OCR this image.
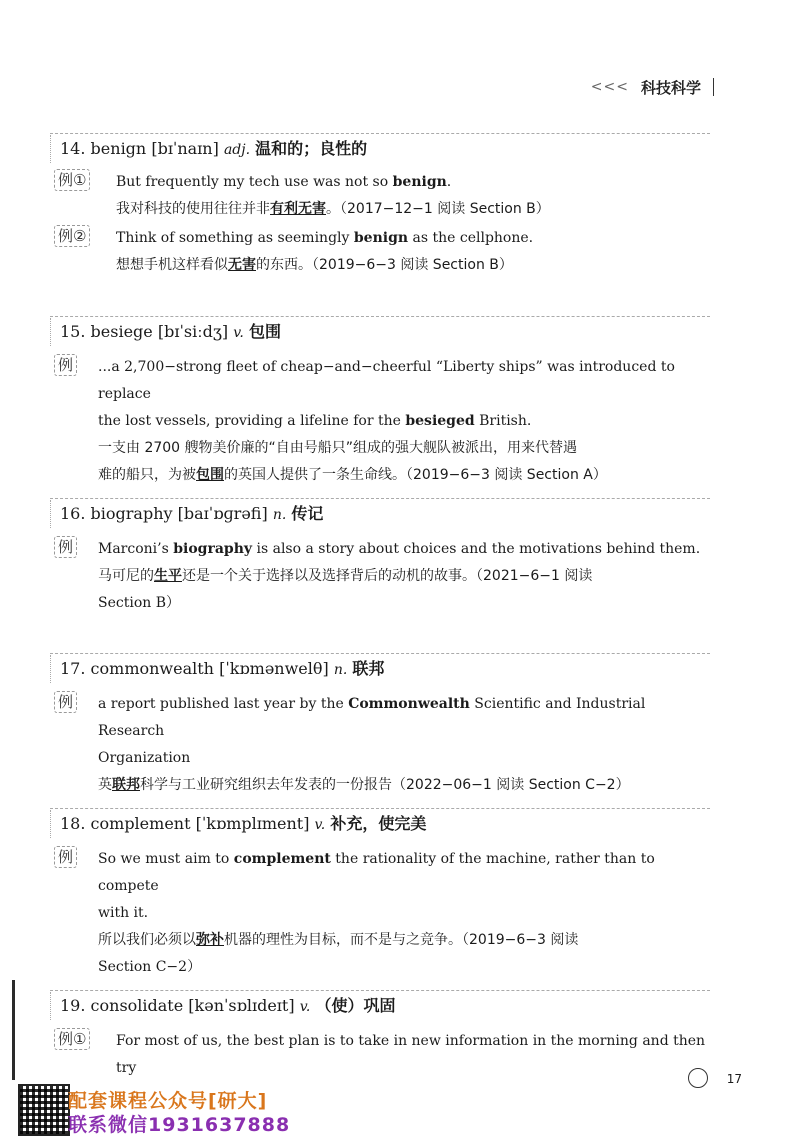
<<< 科技科学
14. benign [bɪˈnaɪn] adj. 温和的；良性的
例① But frequently my tech use was not so benign.

我对科技的使用往往并非有利无害。（2017−12−1 阅读 Section B）

例② Think of something as seemingly benign as the cellphone.

想想手机这样看似无害的东西。（2019−6−3 阅读 Section B）

15. besiege [bɪˈsiːdʒ] v. 包围
例 ...a 2,700−strong fleet of cheap−and−cheerful “Liberty ships” was introduced to replace

the lost vessels, providing a lifeline for the besieged British.

一支由 2700 艘物美价廉的“自由号船只”组成的强大舰队被派出，用来代替遇

难的船只，为被包围的英国人提供了一条生命线。（2019−6−3 阅读 Section A）

16. biography [baɪˈɒɡrəfi] n. 传记
例 Marconi’s biography is also a story about choices and the motivations behind them.

马可尼的生平还是一个关于选择以及选择背后的动机的故事。（2021−6−1 阅读

Section B）

17. commonwealth [ˈkɒmənwelθ] n. 联邦
例 a report published last year by the Commonwealth Scientific and Industrial Research

Organization

英联邦科学与工业研究组织去年发表的一份报告（2022−06−1 阅读 Section C−2）

18. complement [ˈkɒmplɪment] v. 补充，使完美
例 So we must aim to complement the rationality of the machine, rather than to compete

with it.

所以我们必须以弥补机器的理性为目标，而不是与之竞争。（2019−6−3 阅读

Section C−2）

19. consolidate [kənˈsɒlɪdeɪt] v. （使）巩固
例① For most of us, the best plan is to take in new information in the morning and then try

17
配套课程公众号[研大]
联系微信1931637888
